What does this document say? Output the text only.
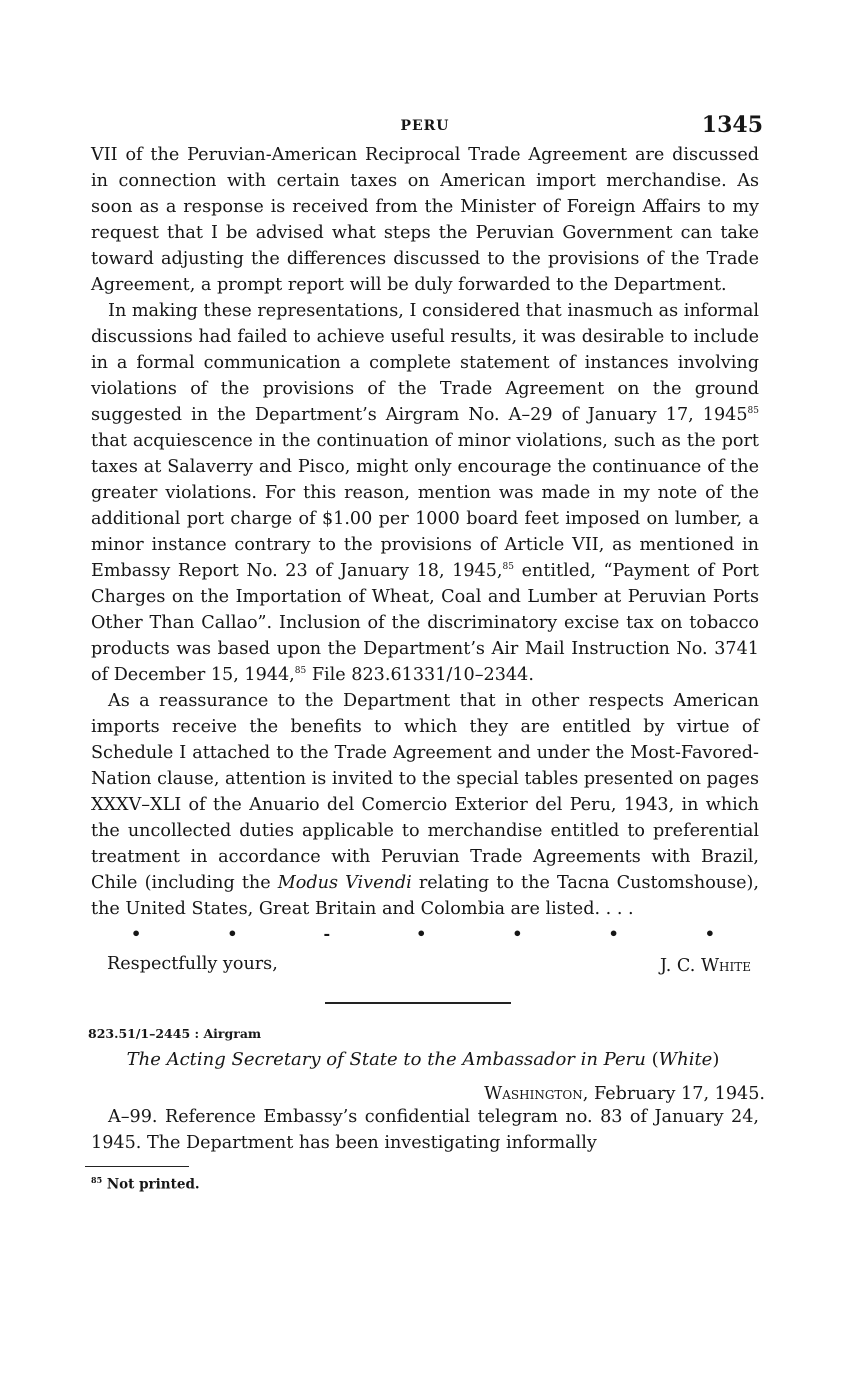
PERU	1345

VII of the Peruvian-American Reciprocal Trade Agreement are discussed in connection with certain taxes on American import merchandise. As soon as a response is received from the Minister of Foreign Affairs to my request that I be advised what steps the Peruvian Government can take toward adjusting the differences discussed to the provisions of the Trade Agreement, a prompt report will be duly forwarded to the Department.

In making these representations, I considered that inasmuch as informal discussions had failed to achieve useful results, it was desirable to include in a formal communication a complete statement of instances involving violations of the provisions of the Trade Agreement on the ground suggested in the Department’s Airgram No. A–29 of January 17, 1945$^{85}$ that acquiescence in the continuation of minor violations, such as the port taxes at Salaverry and Pisco, might only encourage the continuance of the greater violations. For this reason, mention was made in my note of the additional port charge of $1.00 per 1000 board feet imposed on lumber, a minor instance contrary to the provisions of Article VII, as mentioned in Embassy Report No. 23 of January 18, 1945,85 entitled, “Payment of Port Charges on the Importation of Wheat, Coal and Lumber at Peruvian Ports Other Than Callao”. Inclusion of the discriminatory excise tax on tobacco products was based upon the Department’s Air Mail Instruction No. 3741 of December 15, 1944,85 File 823.61331/10–2344.

As a reassurance to the Department that in other respects American imports receive the benefits to which they are entitled by virtue of Schedule I attached to the Trade Agreement and under the Most-Favored-Nation clause, attention is invited to the special tables presented on pages XXXV–XLI of the Anuario del Comercio Exterior del Peru, 1943, in which the uncollected duties applicable to merchandise entitled to preferential treatment in accordance with Peruvian Trade Agreements with Brazil, Chile (including the Modus Vivendi relating to the Tacna Customshouse), the United States, Great Britain and Colombia are listed. . . .

•	•	-	•	•	•	•
Respectfully yours,	J. C. White
823.51/1–2445 : Airgram
The Acting Secretary of State to the Ambassador in Peru (White)
Washington, February 17, 1945.

A–99. Reference Embassy’s confidential telegram no. 83 of January 24, 1945. The Department has been investigating informally

$^{85}$ Not printed.
